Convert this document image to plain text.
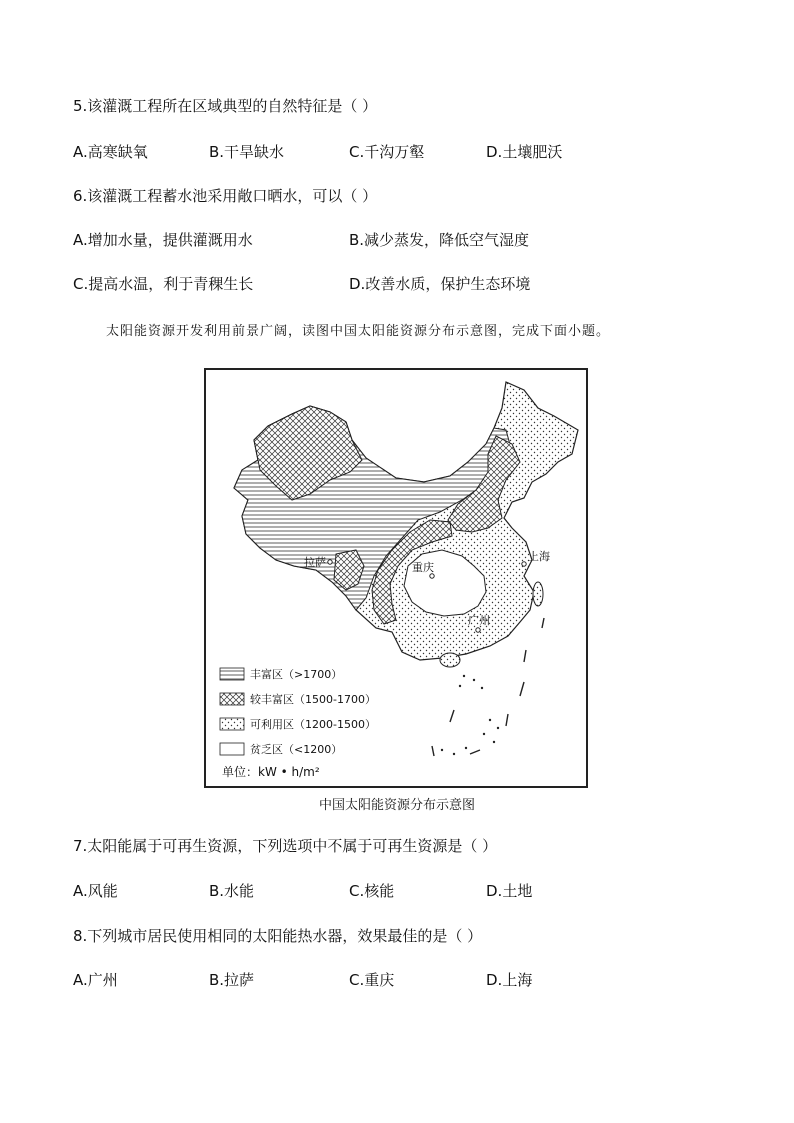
5.该灌溉工程所在区域典型的自然特征是（ ）
A.高寒缺氧	B.干旱缺水	C.千沟万壑	D.土壤肥沃
6.该灌溉工程蓄水池采用敞口晒水，可以（ ）
A.增加水量，提供灌溉用水	B.减少蒸发，降低空气湿度
C.提高水温，利于青稞生长	D.改善水质，保护生态环境
太阳能资源开发利用前景广阔，读图中国太阳能资源分布示意图，完成下面小题。
拉萨	重庆
上海
广州
丰富区（>1700）
较丰富区（1500-1700）
可利用区（1200-1500）
贫乏区（<1200）
单位：kW • h/m²
中国太阳能资源分布示意图
7.太阳能属于可再生资源，下列选项中不属于可再生资源是（ ）
A.风能	B.水能	C.核能	D.土地
8.下列城市居民使用相同的太阳能热水器，效果最佳的是（ ）
A.广州	B.拉萨	C.重庆	D.上海
